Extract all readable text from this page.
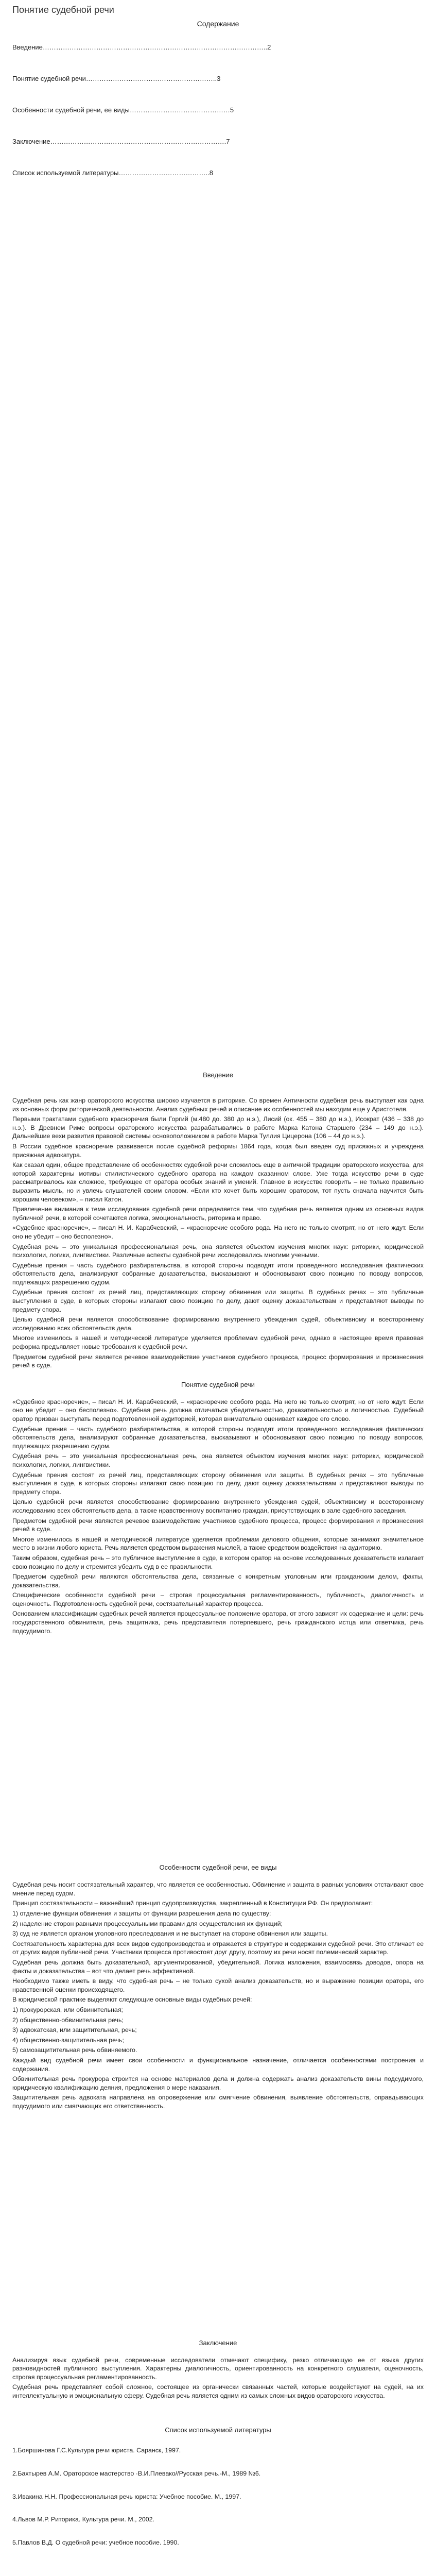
Понятие судебной речи
Содержание
Введение………………………………………………………………………………………..2
Понятие судебной речи…………………………………………………..3
Особенности судебной речи, ее виды………………………………………5
Заключение…………………………………………………………………….7
Список используемой литературы…………………………………..8
Введение

Судебная речь как жанр ораторского искусства широко изучается в риторике. Со времен Античности судебная речь выступает как одна из основных форм риторической деятельности. Анализ судебных речей и описание их особенностей мы находим еще у Аристотеля.

Первыми трактатами судебного красноречия были Горгий (м.480 до. 380 до н.э.), Лисий (ок. 455 – 380 до н.э.), Исократ (436 – 338 до н.э.). В Древнем Риме вопросы ораторского искусства разрабатывались в работе Марка Катона Старшего (234 – 149 до н.э.). Дальнейшие вехи развития правовой системы основоположником в работе Марка Туллия Цицерона (106 – 44 до н.э.).

В России судебное красноречие развивается после судебной реформы 1864 года, когда был введен суд присяжных и учреждена присяжная адвокатура.

Как сказал один, общее представление об особенностях судебной речи сложилось еще в античной традиции ораторского искусства, для которой характерны мотивы стилистического судебного оратора на каждом сказанном слове. Уже тогда искусство речи в суде рассматривалось как сложное, требующее от оратора особых знаний и умений. Главное в искусстве говорить – не только правильно выразить мысль, но и увлечь слушателей своим словом. «Если кто хочет быть хорошим оратором, тот пусть сначала научится быть хорошим человеком», – писал Катон.

Привлечение внимания к теме исследования судебной речи определяется тем, что судебная речь является одним из основных видов публичной речи, в которой сочетаются логика, эмоциональность, риторика и право.

«Судебное красноречие», – писал Н. И. Карабчевский, – «красноречие особого рода. На него не только смотрят, но от него ждут. Если оно не убедит – оно бесполезно».

Судебная речь – это уникальная профессиональная речь, она является объектом изучения многих наук: риторики, юридической психологии, логики, лингвистики. Различные аспекты судебной речи исследовались многими учеными.

Судебные прения – часть судебного разбирательства, в которой стороны подводят итоги проведенного исследования фактических обстоятельств дела, анализируют собранные доказательства, высказывают и обосновывают свою позицию по поводу вопросов, подлежащих разрешению судом.

Судебные прения состоят из речей лиц, представляющих сторону обвинения или защиты. В судебных речах – это публичные выступления в суде, в которых стороны излагают свою позицию по делу, дают оценку доказательствам и представляют выводы по предмету спора.

Целью судебной речи является способствование формированию внутреннего убеждения судей, объективному и всестороннему исследованию всех обстоятельств дела.

Многое изменилось в нашей и методической литературе уделяется проблемам судебной речи, однако в настоящее время правовая реформа предъявляет новые требования к судебной речи.

Предметом судебной речи является речевое взаимодействие участников судебного процесса, процесс формирования и произнесения речей в суде.

Понятие судебной речи

«Судебное красноречие», – писал Н. И. Карабчевский, – «красноречие особого рода. На него не только смотрят, но от него ждут. Если оно не убедит – оно бесполезно». Судебная речь должна отличаться убедительностью, доказательностью и логичностью. Судебный оратор призван выступать перед подготовленной аудиторией, которая внимательно оценивает каждое его слово.

Судебные прения – часть судебного разбирательства, в которой стороны подводят итоги проведенного исследования фактических обстоятельств дела, анализируют собранные доказательства, высказывают и обосновывают свою позицию по поводу вопросов, подлежащих разрешению судом.

Судебная речь – это уникальная профессиональная речь, она является объектом изучения многих наук: риторики, юридической психологии, логики, лингвистики.

Судебные прения состоят из речей лиц, представляющих сторону обвинения или защиты. В судебных речах – это публичные выступления в суде, в которых стороны излагают свою позицию по делу, дают оценку доказательствам и представляют выводы по предмету спора.

Целью судебной речи является способствование формированию внутреннего убеждения судей, объективному и всестороннему исследованию всех обстоятельств дела, а также нравственному воспитанию граждан, присутствующих в зале судебного заседания.

Предметом судебной речи являются речевое взаимодействие участников судебного процесса, процесс формирования и произнесения речей в суде.

Многое изменилось в нашей и методической литературе уделяется проблемам делового общения, которые занимают значительное место в жизни любого юриста. Речь является средством выражения мыслей, а также средством воздействия на аудиторию.

Таким образом, судебная речь – это публичное выступление в суде, в котором оратор на основе исследованных доказательств излагает свою позицию по делу и стремится убедить суд в ее правильности.

Предметом судебной речи являются обстоятельства дела, связанные с конкретным уголовным или гражданским делом, факты, доказательства.

Специфические особенности судебной речи – строгая процессуальная регламентированность, публичность, диалогичность и оценочность. Подготовленность судебной речи, состязательный характер процесса.

Основанием классификации судебных речей является процессуальное положение оратора, от этого зависят их содержание и цели: речь государственного обвинителя, речь защитника, речь представителя потерпевшего, речь гражданского истца или ответчика, речь подсудимого.

Особенности судебной речи, ее виды

Судебная речь носит состязательный характер, что является ее особенностью. Обвинение и защита в равных условиях отстаивают свое мнение перед судом.

Принцип состязательности – важнейший принцип судопроизводства, закрепленный в Конституции РФ. Он предполагает:

1) отделение функции обвинения и защиты от функции разрешения дела по существу;

2) наделение сторон равными процессуальными правами для осуществления их функций;

3) суд не является органом уголовного преследования и не выступает на стороне обвинения или защиты.

Состязательность характерна для всех видов судопроизводства и отражается в структуре и содержании судебной речи. Это отличает ее от других видов публичной речи. Участники процесса противостоят друг другу, поэтому их речи носят полемический характер.

Судебная речь должна быть доказательной, аргументированной, убедительной. Логика изложения, взаимосвязь доводов, опора на факты и доказательства – вот что делает речь эффективной.

Необходимо также иметь в виду, что судебная речь – не только сухой анализ доказательств, но и выражение позиции оратора, его нравственной оценки происходящего.

В юридической практике выделяют следующие основные виды судебных речей:

1) прокурорская, или обвинительная;

2) общественно-обвинительная речь;

3) адвокатская, или защитительная, речь;

4) общественно-защитительная речь;

5) самозащитительная речь обвиняемого.

Каждый вид судебной речи имеет свои особенности и функциональное назначение, отличается особенностями построения и содержания.

Обвинительная речь прокурора строится на основе материалов дела и должна содержать анализ доказательств вины подсудимого, юридическую квалификацию деяния, предложения о мере наказания.

Защитительная речь адвоката направлена на опровержение или смягчение обвинения, выявление обстоятельств, оправдывающих подсудимого или смягчающих его ответственность.

Заключение

Анализируя язык судебной речи, современные исследователи отмечают специфику, резко отличающую ее от языка других разновидностей публичного выступления. Характерны диалогичность, ориентированность на конкретного слушателя, оценочность, строгая процессуальная регламентированность.

Судебная речь представляет собой сложное, состоящее из органически связанных частей, которые воздействуют на судей, на их интеллектуальную и эмоциональную сферу. Судебная речь является одним из самых сложных видов ораторского искусства.

Список используемой литературы
1.Бояршинова Г.С.Культура речи юриста. Саранск, 1997.
2.Бахтырев А.М. Ораторское мастерство ·В.И.Плевако//Русская речь.-М., 1989 №6.
3.Ивакина Н.Н. Профессиональная речь юриста: Учебное пособие. М., 1997.
4.Львов М.Р. Риторика. Культура речи. М., 2002.
5.Павлов В.Д. О судебной речи: учебное пособие. 1990.
